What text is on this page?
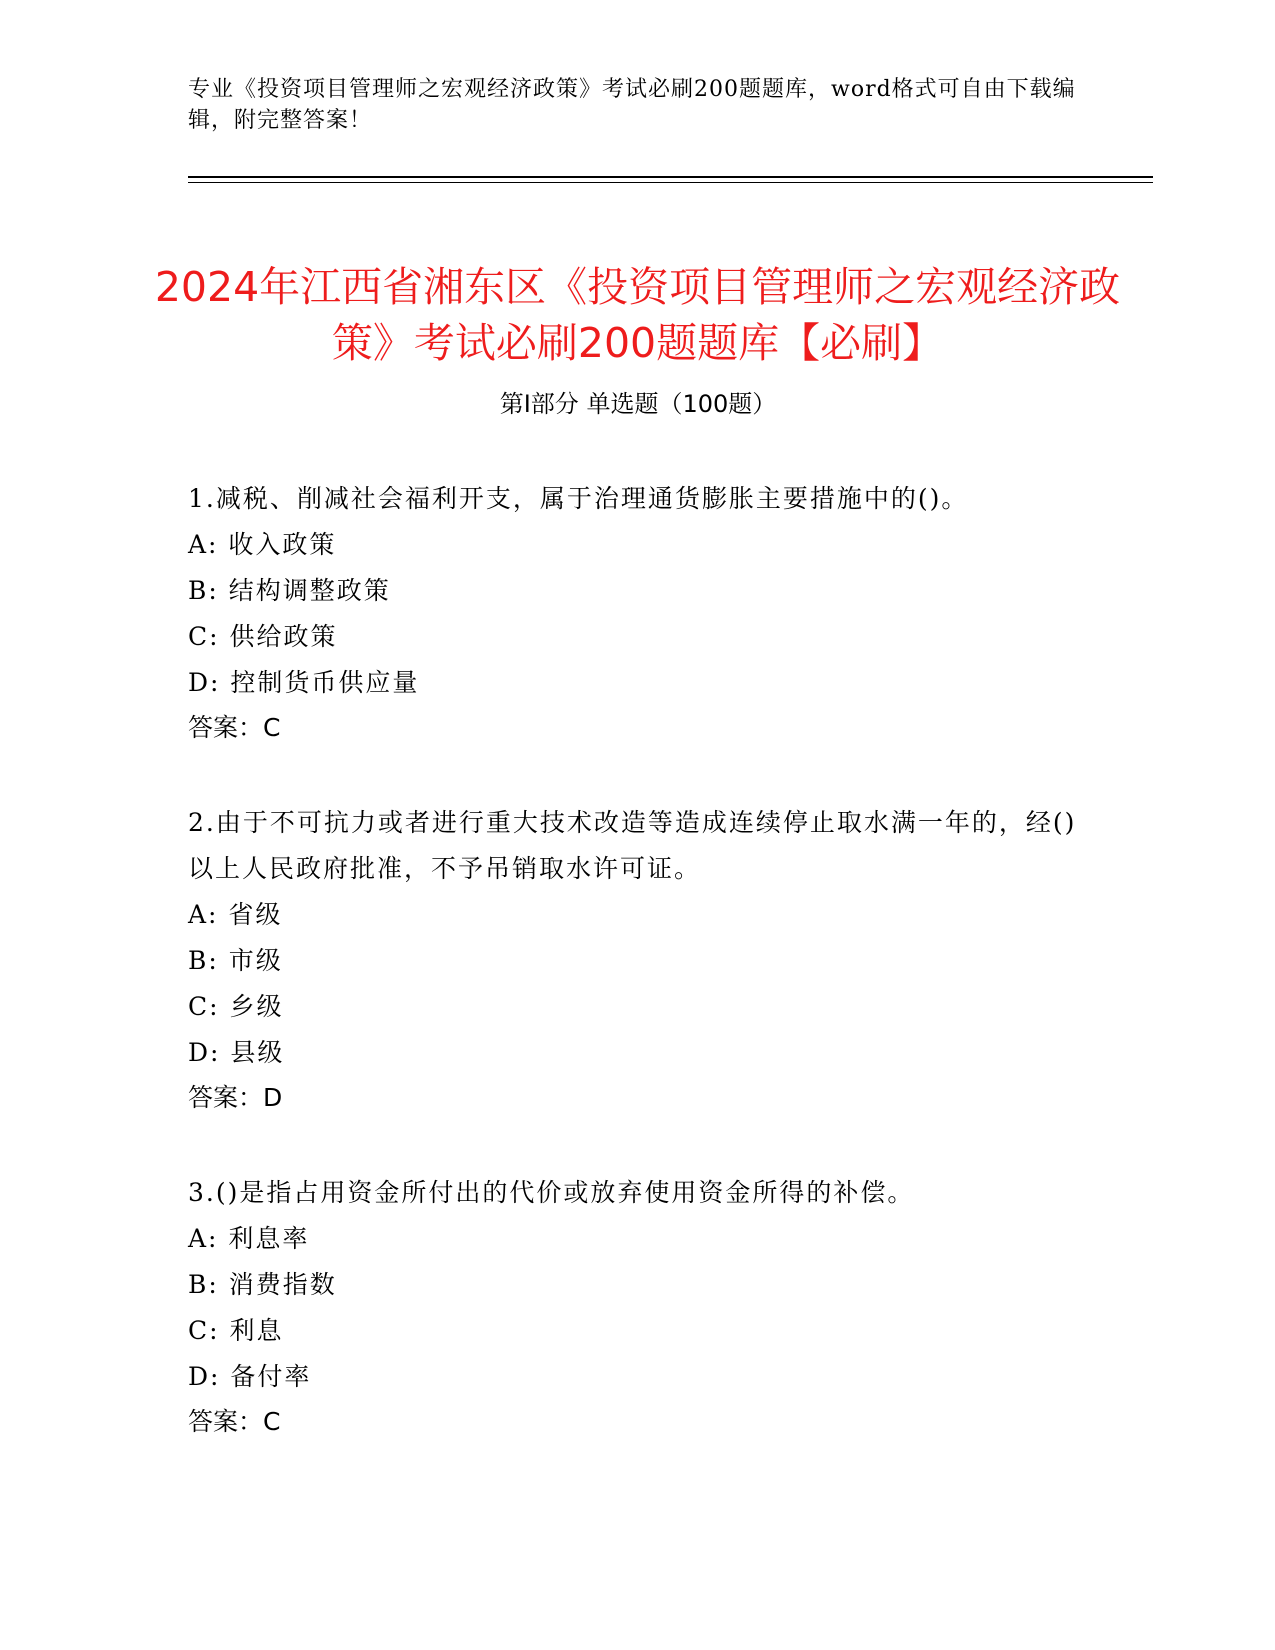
专业《投资项目管理师之宏观经济政策》考试必刷200题题库，word格式可自由下载编辑，附完整答案！
2024年江西省湘东区《投资项目管理师之宏观经济政策》考试必刷200题题库【必刷】
第I部分 单选题（100题）
1.减税、削减社会福利开支，属于治理通货膨胀主要措施中的()。
A: 收入政策
B: 结构调整政策
C: 供给政策
D: 控制货币供应量
答案：C
2.由于不可抗力或者进行重大技术改造等造成连续停止取水满一年的，经()以上人民政府批准，不予吊销取水许可证。
A: 省级
B: 市级
C: 乡级
D: 县级
答案：D
3.()是指占用资金所付出的代价或放弃使用资金所得的补偿。
A: 利息率
B: 消费指数
C: 利息
D: 备付率
答案：C
